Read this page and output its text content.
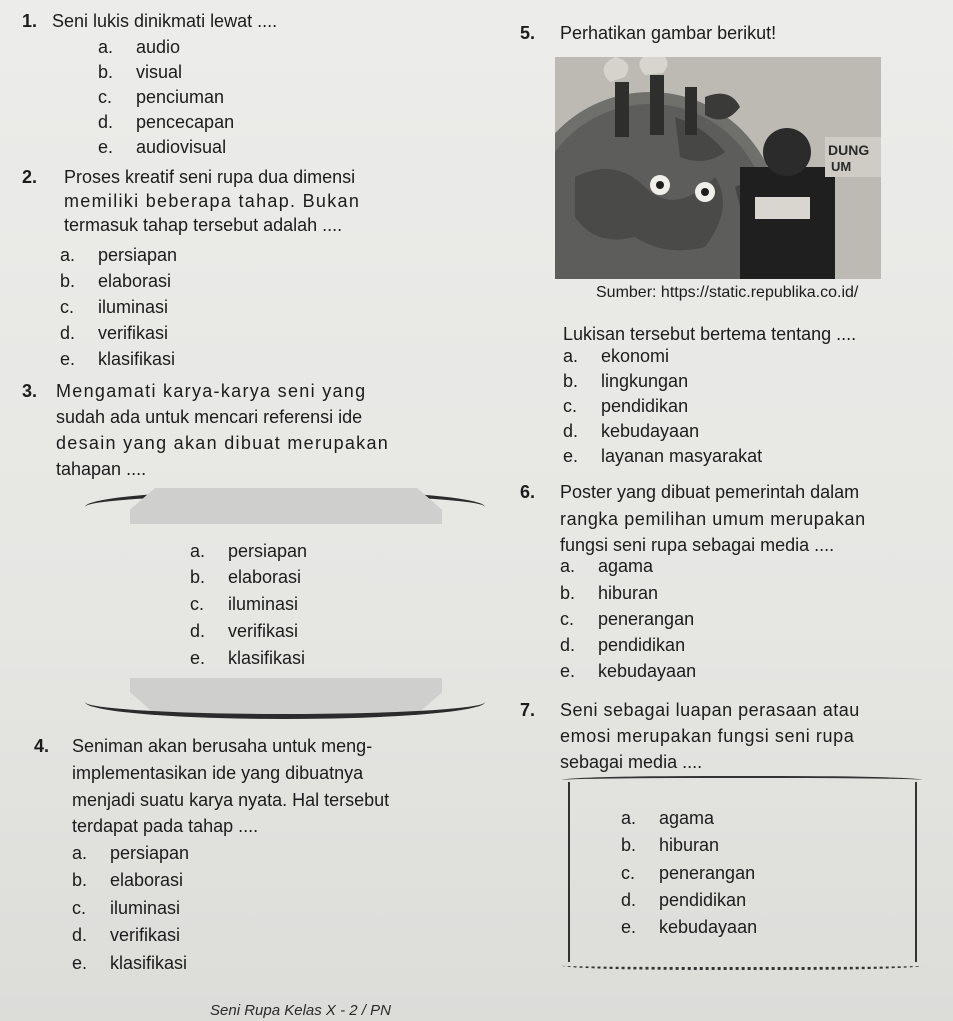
1. Seni lukis dinikmati lewat ....
a. audio
b. visual
c. penciuman
d. pencecapan
e. audiovisual
2. Proses kreatif seni rupa dua dimensi
memiliki beberapa tahap. Bukan
termasuk tahap tersebut adalah ....
a. persiapan
b. elaborasi
c. iluminasi
d. verifikasi
e. klasifikasi
3. Mengamati karya-karya seni yang
sudah ada untuk mencari referensi ide
desain yang akan dibuat merupakan
tahapan ....
a. persiapan
b. elaborasi
c. iluminasi
d. verifikasi
e. klasifikasi
4. Seniman akan berusaha untuk meng-
implementasikan ide yang dibuatnya
menjadi suatu karya nyata. Hal tersebut
terdapat pada tahap ....
a. persiapan
b. elaborasi
c. iluminasi
d. verifikasi
e. klasifikasi
5. Perhatikan gambar berikut!
DUNG
UM
Sumber: https://static.republika.co.id/
Lukisan tersebut bertema tentang ....
a. ekonomi
b. lingkungan
c. pendidikan
d. kebudayaan
e. layanan masyarakat
6. Poster yang dibuat pemerintah dalam
rangka pemilihan umum merupakan
fungsi seni rupa sebagai media ....
a. agama
b. hiburan
c. penerangan
d. pendidikan
e. kebudayaan
7. Seni sebagai luapan perasaan atau
emosi merupakan fungsi seni rupa
sebagai media ....
a. agama
b. hiburan
c. penerangan
d. pendidikan
e. kebudayaan
Seni Rupa Kelas X - 2 / PN
